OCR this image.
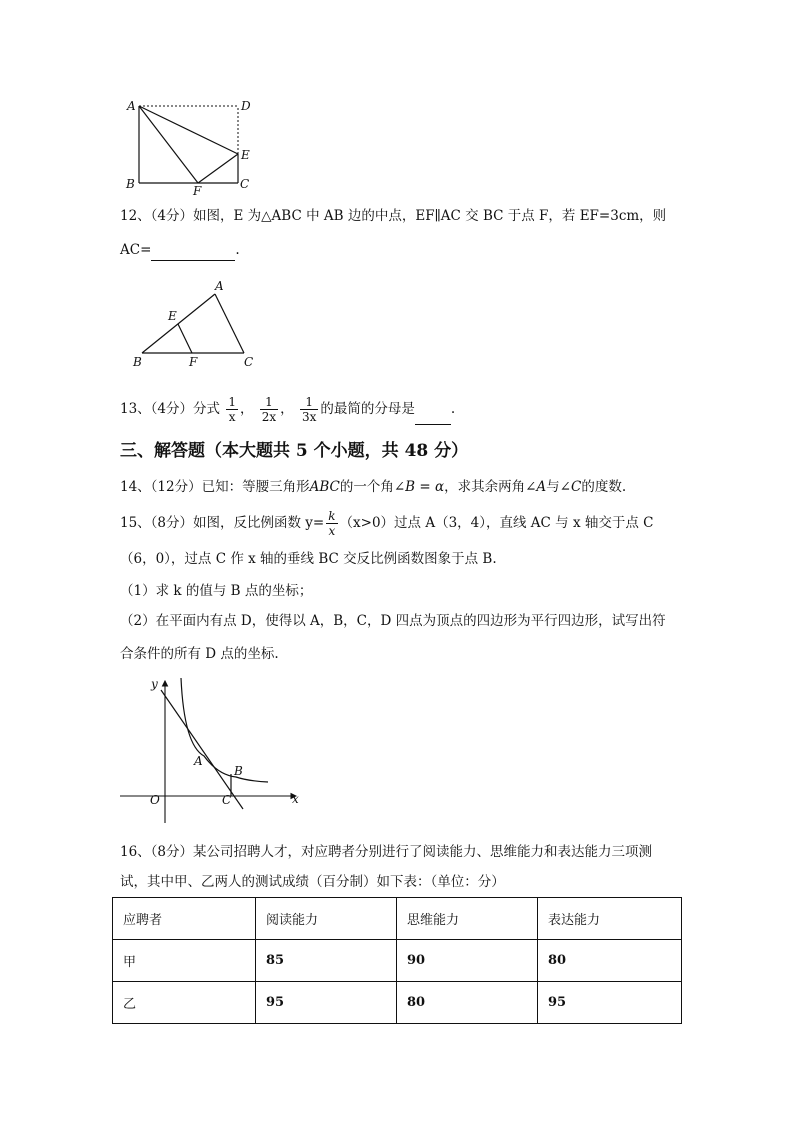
A	D
E
B	F	C
12、（4分）如图，E 为△ABC 中 AB 边的中点，EF∥AC 交 BC 于点 F，若 EF=3cm，则
AC=	.
A
E
B	F	C
13、（4分）分式 $\frac{1}{x}$ ， $\frac{1}{2x}$ ， $\frac{1}{3x}$ 的最简的分母是	.
三、解答题（本大题共 5 个小题，共 48 分）
14、（12分）已知：等腰三角形ABC的一个角∠B = α，求其余两角∠A与∠C的度数.
15、（8分）如图，反比例函数 $y= \frac{k}{x} (x>0)$过点 A（3，4），直线 AC 与 x 轴交于点 C
（6，0），过点 C 作 x 轴的垂线 BC 交反比例函数图象于点 B.
（1）求 k 的值与 B 点的坐标；
（2）在平面内有点 D，使得以 A，B，C，D 四点为顶点的四边形为平行四边形，试写出符
合条件的所有 D 点的坐标.
y
x
O
A
B
C
16、（8分）某公司招聘人才，对应聘者分别进行了阅读能力、思维能力和表达能力三项测
试，其中甲、乙两人的测试成绩（百分制）如下表：（单位：分）
应聘者	阅读能力	思维能力	表达能力
甲	85	90	80
乙	95	80	95
